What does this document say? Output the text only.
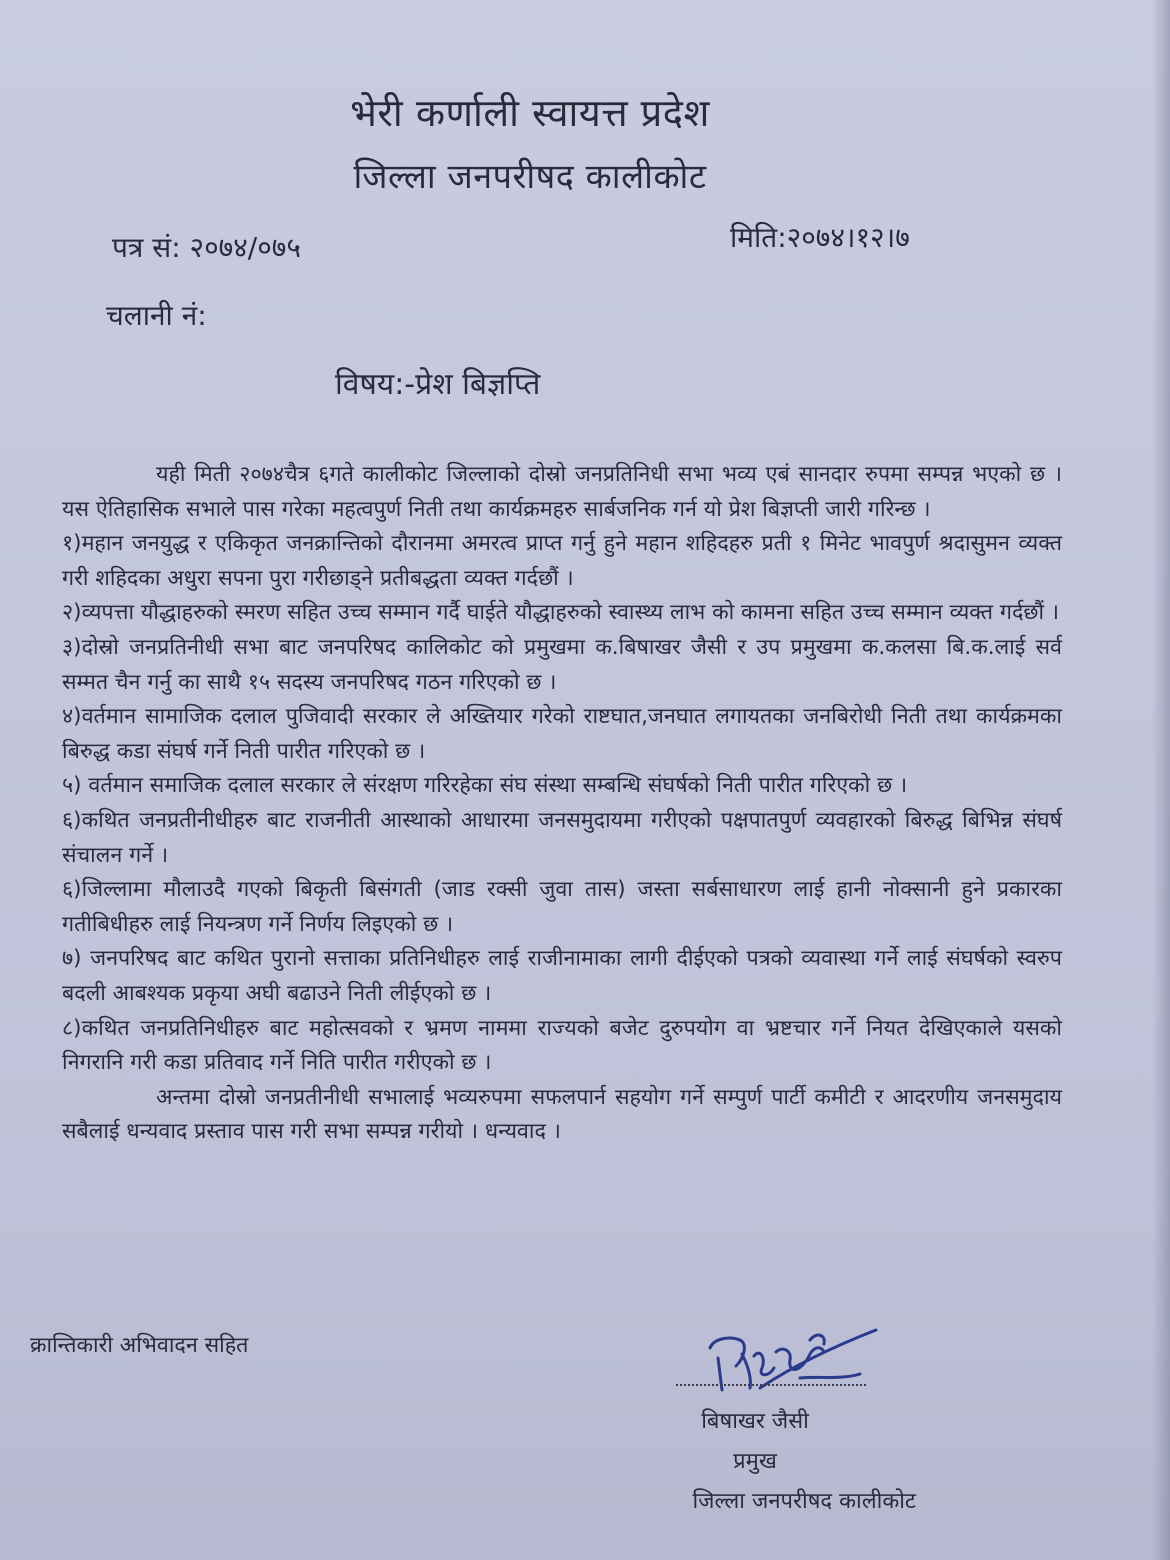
भेरी कर्णाली स्वायत्त प्रदेश
जिल्ला जनपरीषद कालीकोट
पत्र सं: २०७४/०७५	मिति:२०७४।१२।७
चलानी नं:
विषय:-प्रेश बिज्ञप्ति

यही मिती २०७४चैत्र ६गते कालीकोट जिल्लाको दोस्रो जनप्रतिनिधी सभा भव्य एबं सानदार रुपमा सम्पन्न भएको छ । यस ऐतिहासिक सभाले पास गरेका महत्वपुर्ण निती तथा कार्यक्रमहरु सार्बजनिक गर्न यो प्रेश बिज्ञप्ती जारी गरिन्छ ।

१)महान जनयुद्ध र एकिकृत जनक्रान्तिको दौरानमा अमरत्व प्राप्त गर्नु हुने महान शहिदहरु प्रती १ मिनेट भावपुर्ण श्रदासुमन व्यक्त गरी शहिदका अधुरा सपना पुरा गरीछाड्ने प्रतीबद्धता व्यक्त गर्दछौं ।

२)व्यपत्ता यौद्धाहरुको स्मरण सहित उच्च सम्मान गर्दै घाईते यौद्धाहरुको स्वास्थ्य लाभ को कामना सहित उच्च सम्मान व्यक्त गर्दछौं ।

३)दोस्रो जनप्रतिनीधी सभा बाट जनपरिषद कालिकोट को प्रमुखमा क.बिषाखर जैसी र उप प्रमुखमा क.कलसा बि.क.लाई सर्व सम्मत चैन गर्नु का साथै १५ सदस्य जनपरिषद गठन गरिएको छ ।

४)वर्तमान सामाजिक दलाल पुजिवादी सरकार ले अख्तियार गरेको राष्टघात,जनघात लगायतका जनबिरोधी निती तथा कार्यक्रमका बिरुद्ध कडा संघर्ष गर्ने निती पारीत गरिएको छ ।

५) वर्तमान समाजिक दलाल सरकार ले संरक्षण गरिरहेका संघ संस्था सम्बन्धि संघर्षको निती पारीत गरिएको छ ।

६)कथित जनप्रतीनीधीहरु बाट राजनीती आस्थाको आधारमा जनसमुदायमा गरीएको पक्षपातपुर्ण व्यवहारको बिरुद्ध बिभिन्न संघर्ष संचालन गर्ने ।

६)जिल्लामा मौलाउदै गएको बिकृती बिसंगती (जाड रक्सी जुवा तास) जस्ता सर्बसाधारण लाई हानी नोक्सानी हुने प्रकारका गतीबिधीहरु लाई नियन्त्रण गर्ने निर्णय लिइएको छ ।

७) जनपरिषद बाट कथित पुरानो सत्ताका प्रतिनिधीहरु लाई राजीनामाका लागी दीईएको पत्रको व्यवास्था गर्ने लाई संघर्षको स्वरुप बदली आबश्यक प्रकृया अघी बढाउने निती लीईएको छ ।

८)कथित जनप्रतिनिधीहरु बाट महोत्सवको र भ्रमण नाममा राज्यको बजेट दुरुपयोग वा भ्रष्टचार गर्ने नियत देखिएकाले यसको निगरानि गरी कडा प्रतिवाद गर्ने निति पारीत गरीएको छ ।

अन्तमा दोस्रो जनप्रतीनीधी सभालाई भव्यरुपमा सफलपार्न सहयोग गर्ने सम्पुर्ण पार्टी कमीटी र आदरणीय जनसमुदाय सबैलाई धन्यवाद प्रस्ताव पास गरी सभा सम्पन्न गरीयो । धन्यवाद ।

क्रान्तिकारी अभिवादन सहित
बिषाखर जैसी
प्रमुख
जिल्ला जनपरीषद कालीकोट
